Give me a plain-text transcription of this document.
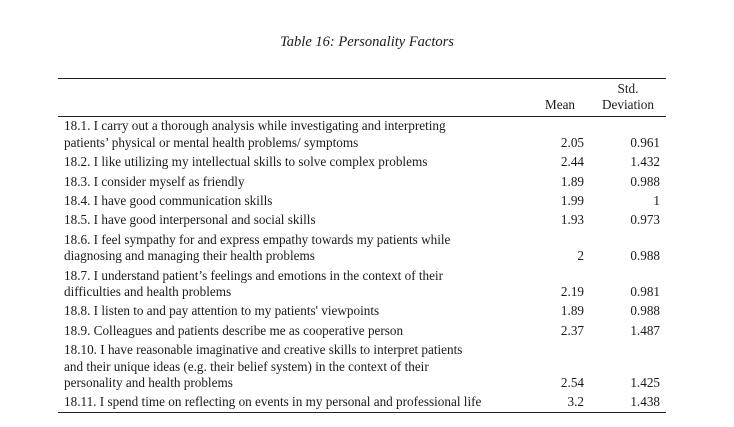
Table 16: Personality Factors
	Mean	Std.
Deviation

18.1. I carry out a thorough analysis while investigating and interpreting
patients’ physical or mental health problems/ symptoms	2.05	0.961

18.2. I like utilizing my intellectual skills to solve complex problems	2.44	1.432

18.3. I consider myself as friendly	1.89	0.988

18.4. I have good communication skills	1.99	1

18.5. I have good interpersonal and social skills	1.93	0.973

18.6. I feel sympathy for and express empathy towards my patients while
diagnosing and managing their health problems	2	0.988

18.7. I understand patient’s feelings and emotions in the context of their
difficulties and health problems	2.19	0.981

18.8. I listen to and pay attention to my patients' viewpoints	1.89	0.988

18.9. Colleagues and patients describe me as cooperative person	2.37	1.487

18.10. I have reasonable imaginative and creative skills to interpret patients
and their unique ideas (e.g. their belief system) in the context of their
personality and health problems	2.54	1.425

18.11. I spend time on reflecting on events in my personal and professional life	3.2	1.438
